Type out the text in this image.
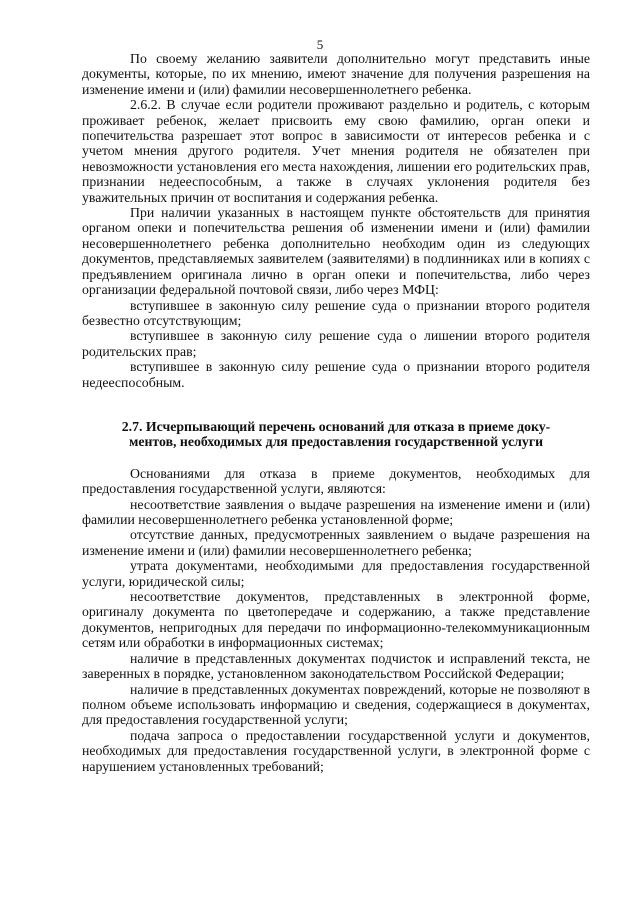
5

По своему желанию заявители дополнительно могут представить иные документы, которые, по их мнению, имеют значение для получения разрешения на изменение имени и (или) фамилии несовершеннолетнего ребенка.

2.6.2. В случае если родители проживают раздельно и родитель, с которым проживает ребенок, желает присвоить ему свою фамилию, орган опеки и попечительства разрешает этот вопрос в зависимости от интересов ребенка и с учетом мнения другого родителя. Учет мнения родителя не обязателен при невозможности установления его места нахождения, лишении его родительских прав, признании недееспособным, а также в случаях уклонения родителя без уважительных причин от воспитания и содержания ребенка.

При наличии указанных в настоящем пункте обстоятельств для принятия органом опеки и попечительства решения об изменении имени и (или) фамилии несовершеннолетнего ребенка дополнительно необходим один из следующих документов, представляемых заявителем (заявителями) в подлинниках или в копиях с предъявлением оригинала лично в орган опеки и попечительства, либо через организации федеральной почтовой связи, либо через МФЦ:

вступившее в законную силу решение суда о признании второго родителя безвестно отсутствующим;

вступившее в законную силу решение суда о лишении второго родителя родительских прав;

вступившее в законную силу решение суда о признании второго родителя недееспособным.

2.7. Исчерпывающий перечень оснований для отказа в приеме доку-
ментов, необходимых для предоставления государственной услуги

Основаниями для отказа в приеме документов, необходимых для предоставления государственной услуги, являются:

несоответствие заявления о выдаче разрешения на изменение имени и (или) фамилии несовершеннолетнего ребенка установленной форме;

отсутствие данных, предусмотренных заявлением о выдаче разрешения на изменение имени и (или) фамилии несовершеннолетнего ребенка;

утрата документами, необходимыми для предоставления государственной услуги, юридической силы;

несоответствие документов, представленных в электронной форме, оригиналу документа по цветопередаче и содержанию, а также представление документов, непригодных для передачи по информационно-телекоммуникационным сетям или обработки в информационных системах;

наличие в представленных документах подчисток и исправлений текста, не заверенных в порядке, установленном законодательством Российской Федерации;

наличие в представленных документах повреждений, которые не позволяют в полном объеме использовать информацию и сведения, содержащиеся в документах, для предоставления государственной услуги;

подача запроса о предоставлении государственной услуги и документов, необходимых для предоставления государственной услуги, в электронной форме с нарушением установленных требований;
